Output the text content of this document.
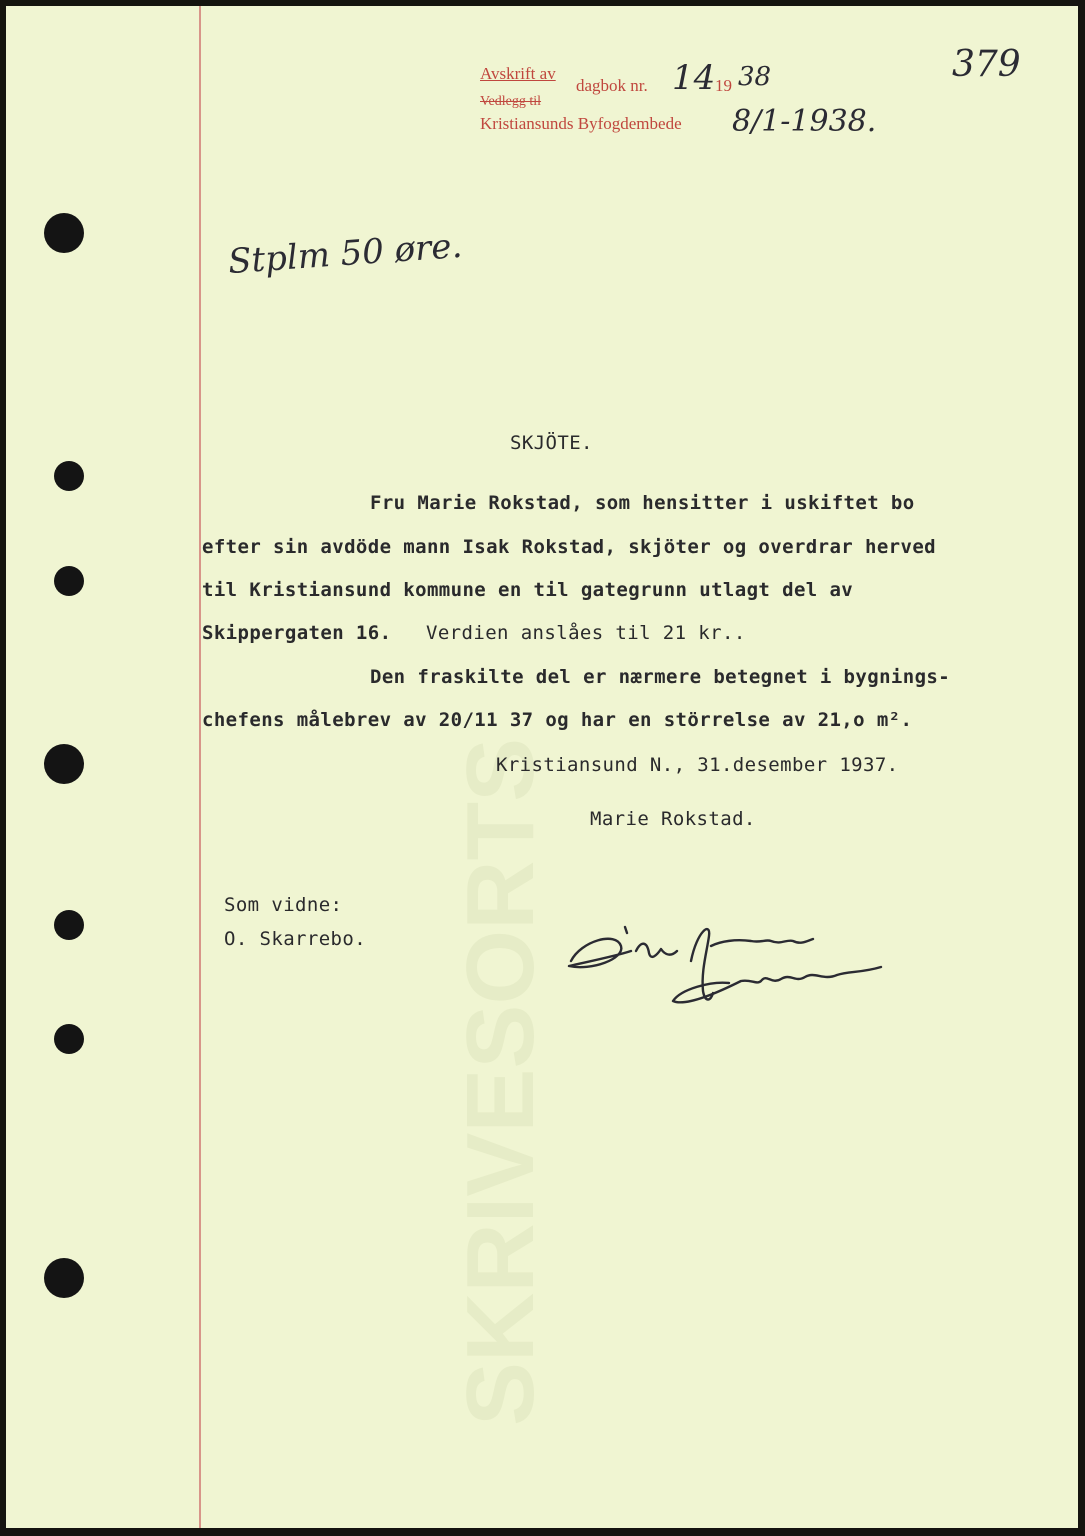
SKRIVESORTS
Avskrift av
dagbok nr. 14 19 38
Vedlegg til
Kristiansunds Byfogdembede 8/1-1938.
379
Stplm 50 øre.
SKJÖTE.
Fru Marie Rokstad, som hensitter i uskiftet bo
efter sin avdöde mann Isak Rokstad, skjöter og overdrar herved
til Kristiansund kommune en til gategrunn utlagt del av
Skippergaten 16. Verdien anslåes til 21 kr..
Den fraskilte del er nærmere betegnet i bygnings-
chefens målebrev av 20/11 37 og har en störrelse av 21,o m².
Kristiansund N., 31.desember 1937.
Marie Rokstad.
Som vidne:
O. Skarrebo.
